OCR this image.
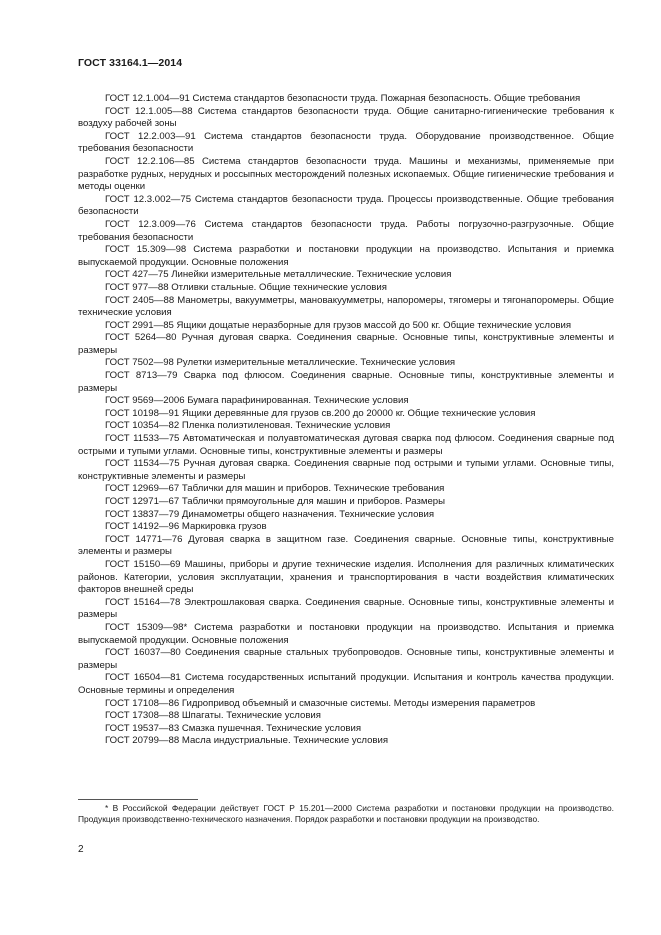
ГОСТ 33164.1—2014

ГОСТ 12.1.004—91 Система стандартов безопасности труда. Пожарная безопасность. Общие требования

ГОСТ 12.1.005—88 Система стандартов безопасности труда. Общие санитарно-гигиенические требования к воздуху рабочей зоны

ГОСТ 12.2.003—91 Система стандартов безопасности труда. Оборудование производственное. Общие требования безопасности

ГОСТ 12.2.106—85 Система стандартов безопасности труда. Машины и механизмы, применяемые при разработке рудных, нерудных и россыпных месторождений полезных ископаемых. Общие гигиенические требования и методы оценки

ГОСТ 12.3.002—75 Система стандартов безопасности труда. Процессы производственные. Общие требования безопасности

ГОСТ 12.3.009—76 Система стандартов безопасности труда. Работы погрузочно-разгрузочные. Общие требования безопасности

ГОСТ 15.309—98 Система разработки и постановки продукции на производство. Испытания и приемка выпускаемой продукции. Основные положения

ГОСТ 427—75 Линейки измерительные металлические. Технические условия

ГОСТ 977—88 Отливки стальные. Общие технические условия

ГОСТ 2405—88 Манометры, вакуумметры, мановакуумметры, напоромеры, тягомеры и тягонапоромеры. Общие технические условия

ГОСТ 2991—85 Ящики дощатые неразборные для грузов массой до 500 кг. Общие технические условия

ГОСТ 5264—80 Ручная дуговая сварка. Соединения сварные. Основные типы, конструктивные элементы и размеры

ГОСТ 7502—98 Рулетки измерительные металлические. Технические условия

ГОСТ 8713—79 Сварка под флюсом. Соединения сварные. Основные типы, конструктивные элементы и размеры

ГОСТ 9569—2006 Бумага парафинированная. Технические условия

ГОСТ 10198—91 Ящики деревянные для грузов св.200 до 20000 кг. Общие технические условия

ГОСТ 10354—82 Пленка полиэтиленовая. Технические условия

ГОСТ 11533—75 Автоматическая и полуавтоматическая дуговая сварка под флюсом. Соединения сварные под острыми и тупыми углами. Основные типы, конструктивные элементы и размеры

ГОСТ 11534—75 Ручная дуговая сварка. Соединения сварные под острыми и тупыми углами. Основные типы, конструктивные элементы и размеры

ГОСТ 12969—67 Таблички для машин и приборов. Технические требования

ГОСТ 12971—67 Таблички прямоугольные для машин и приборов. Размеры

ГОСТ 13837—79 Динамометры общего назначения. Технические условия

ГОСТ 14192—96 Маркировка грузов

ГОСТ 14771—76 Дуговая сварка в защитном газе. Соединения сварные. Основные типы, конструктивные элементы и размеры

ГОСТ 15150—69 Машины, приборы и другие технические изделия. Исполнения для различных климатических районов. Категории, условия эксплуатации, хранения и транспортирования в части воздействия климатических факторов внешней среды

ГОСТ 15164—78 Электрошлаковая сварка. Соединения сварные. Основные типы, конструктивные элементы и размеры

ГОСТ 15309—98* Система разработки и постановки продукции на производство. Испытания и приемка выпускаемой продукции. Основные положения

ГОСТ 16037—80 Соединения сварные стальных трубопроводов. Основные типы, конструктивные элементы и размеры

ГОСТ 16504—81 Система государственных испытаний продукции. Испытания и контроль качества продукции. Основные термины и определения

ГОСТ 17108—86 Гидропривод объемный и смазочные системы. Методы измерения параметров

ГОСТ 17308—88 Шпагаты. Технические условия

ГОСТ 19537—83 Смазка пушечная. Технические условия

ГОСТ 20799—88 Масла индустриальные. Технические условия

* В Российской Федерации действует ГОСТ Р 15.201—2000 Система разработки и постановки продукции на производство. Продукция производственно-технического назначения. Порядок разработки и постановки продукции на производство.
2
